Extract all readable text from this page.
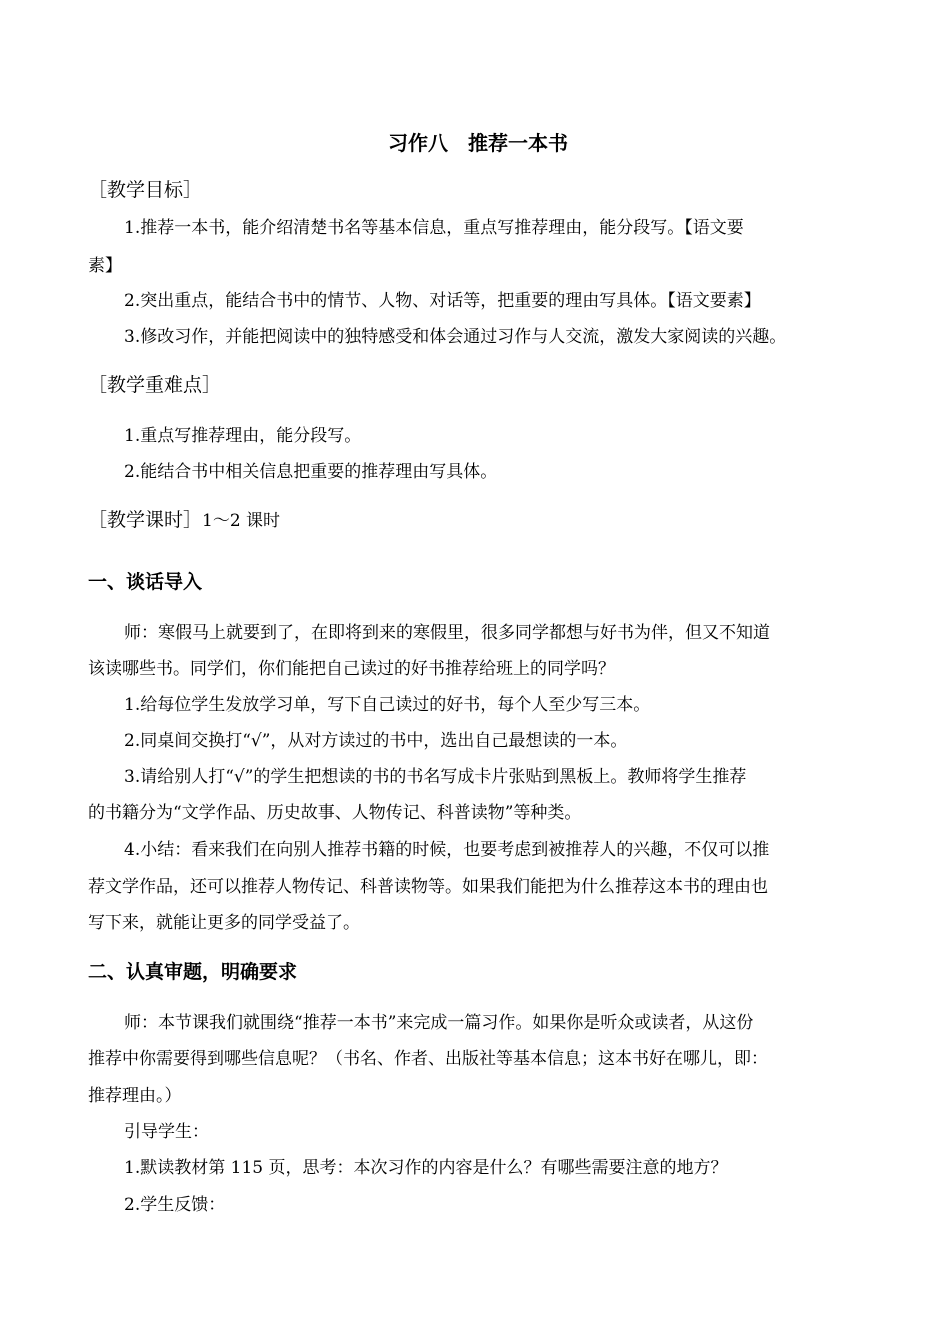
习作八　推荐一本书
［教学目标］
1.推荐一本书，能介绍清楚书名等基本信息，重点写推荐理由，能分段写。【语文要
素】
2.突出重点，能结合书中的情节、人物、对话等，把重要的理由写具体。【语文要素】
3.修改习作，并能把阅读中的独特感受和体会通过习作与人交流，激发大家阅读的兴趣。
［教学重难点］
1.重点写推荐理由，能分段写。
2.能结合书中相关信息把重要的推荐理由写具体。
［教学课时］1～2 课时
一、谈话导入
师：寒假马上就要到了，在即将到来的寒假里，很多同学都想与好书为伴，但又不知道
该读哪些书。同学们，你们能把自己读过的好书推荐给班上的同学吗？
1.给每位学生发放学习单，写下自己读过的好书，每个人至少写三本。
2.同桌间交换打“√”，从对方读过的书中，选出自己最想读的一本。
3.请给别人打“√”的学生把想读的书的书名写成卡片张贴到黑板上。教师将学生推荐
的书籍分为“文学作品、历史故事、人物传记、科普读物”等种类。
4.小结：看来我们在向别人推荐书籍的时候，也要考虑到被推荐人的兴趣，不仅可以推
荐文学作品，还可以推荐人物传记、科普读物等。如果我们能把为什么推荐这本书的理由也
写下来，就能让更多的同学受益了。
二、认真审题，明确要求
师：本节课我们就围绕“推荐一本书”来完成一篇习作。如果你是听众或读者，从这份
推荐中你需要得到哪些信息呢？（书名、作者、出版社等基本信息；这本书好在哪儿，即：
推荐理由。）
引导学生：
1.默读教材第 115 页，思考：本次习作的内容是什么？有哪些需要注意的地方？
2.学生反馈：
